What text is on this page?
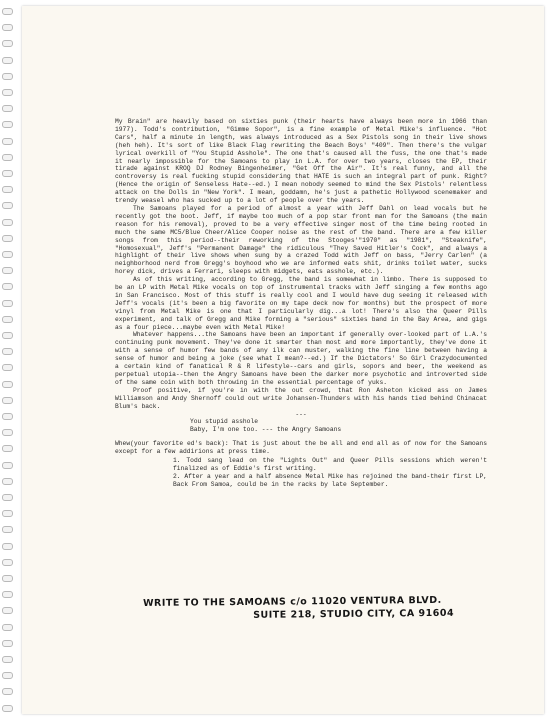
My Brain" are heavily based on sixties punk (their hearts have always been more in 1966 than 1977). Todd's contribution, "Gimme Sopor", is a fine example of Metal Mike's influence. "Hot Cars", half a minute in length, was always introduced as a Sex Pistols song in their live shows (heh heh). It's sort of like Black Flag rewriting the Beach Boys' "409". Then there's the vulgar lyrical overkill of "You Stupid Asshole". The one that's caused all the fuss, the one that's made it nearly impossible for the Samoans to play in L.A. for over two years, closes the EP, their tirade against KROQ DJ Rodney Bingenheimer, "Get Off the Air". It's real funny, and all the controversy is real fucking stupid considering that HATE is such an integral part of punk. Right? (Hence the origin of Senseless Hate--ed.) I mean nobody seemed to mind the Sex Pistols' relentless attack on the Dolls in "New York". I mean, goddamn, he's just a pathetic Hollywood scenemaker and trendy weasel who has sucked up to a lot of people over the years.

The Samoans played for a period of almost a year with Jeff Dahl on lead vocals but he recently got the boot. Jeff, if maybe too much of a pop star front man for the Samoans (the main reason for his removal), proved to be a very effective singer most of the time being rooted in much the same MC5/Blue Cheer/Alice Cooper noise as the rest of the band. There are a few killer songs from this period--their reworking of the Stooges'"1970" as "1981", "Steaknife", "Homosexual", Jeff's "Permanent Damage" the ridiculous "They Saved Hitler's Cock", and always a highlight of their live shows when sung by a crazed Todd with Jeff on bass, "Jerry Carlen" (a neighborhood nerd from Gregg's boyhood who we are informed eats shit, drinks toilet water, sucks horey dick, drives a Ferrari, sleeps with midgets, eats asshole, etc.).

As of this writing, according to Gregg, the band is somewhat in limbo. There is supposed to be an LP with Metal Mike vocals on top of instrumental tracks with Jeff singing a few months ago in San Francisco. Most of this stuff is really cool and I would have dug seeing it released with Jeff's vocals (it's been a big favorite on my tape deck now for months) but the prospect of more vinyl from Metal Mike is one that I particularly dig...a lot! There's also the Queer Pills experiment, and talk of Gregg and Mike forming a "serious" sixties band in the Bay Area, and gigs as a four piece...maybe even with Metal Mike!

Whatever happens...the Samoans have been an important if generally over-looked part of L.A.'s continuing punk movement. They've done it smarter than most and more importantly, they've done it with a sense of humor few bands of any ilk can muster, walking the fine line between having a sense of humor and being a joke (see what I mean?--ed.) If the Dictators' So Girl Crazydocumented a certain kind of fanatical R & R lifestyle--cars and girls, sopors and beer, the weekend as perpetual utopia--then the Angry Samoans have been the darker more psychotic and introverted side of the same coin with both throwing in the essential percentage of yuks.

Proof positive, if you're in with the out crowd, that Ron Asheton kicked ass on James Williamson and Andy Shernoff could out write Johansen-Thunders with his hands tied behind Chinacat Blum's back.

---

You stupid asshole

Baby, I'm one too. --- the Angry Samoans

Whew(your favorite ed's back): That is just about the be all and end all as of now for the Samoans except for a few addirions at press time.

1. Todd sang lead on the "Lights Out" and Queer Pills sessions which weren't finalized as of Eddie's first writing.

2. After a year and a half absence Metal Mike has rejoined the band-their first LP, Back From Samoa, could be in the racks by late September.

WRITE TO THE SAMOANS c/o 11020 VENTURA BLVD.
SUITE 218, STUDIO CITY, CA 91604
